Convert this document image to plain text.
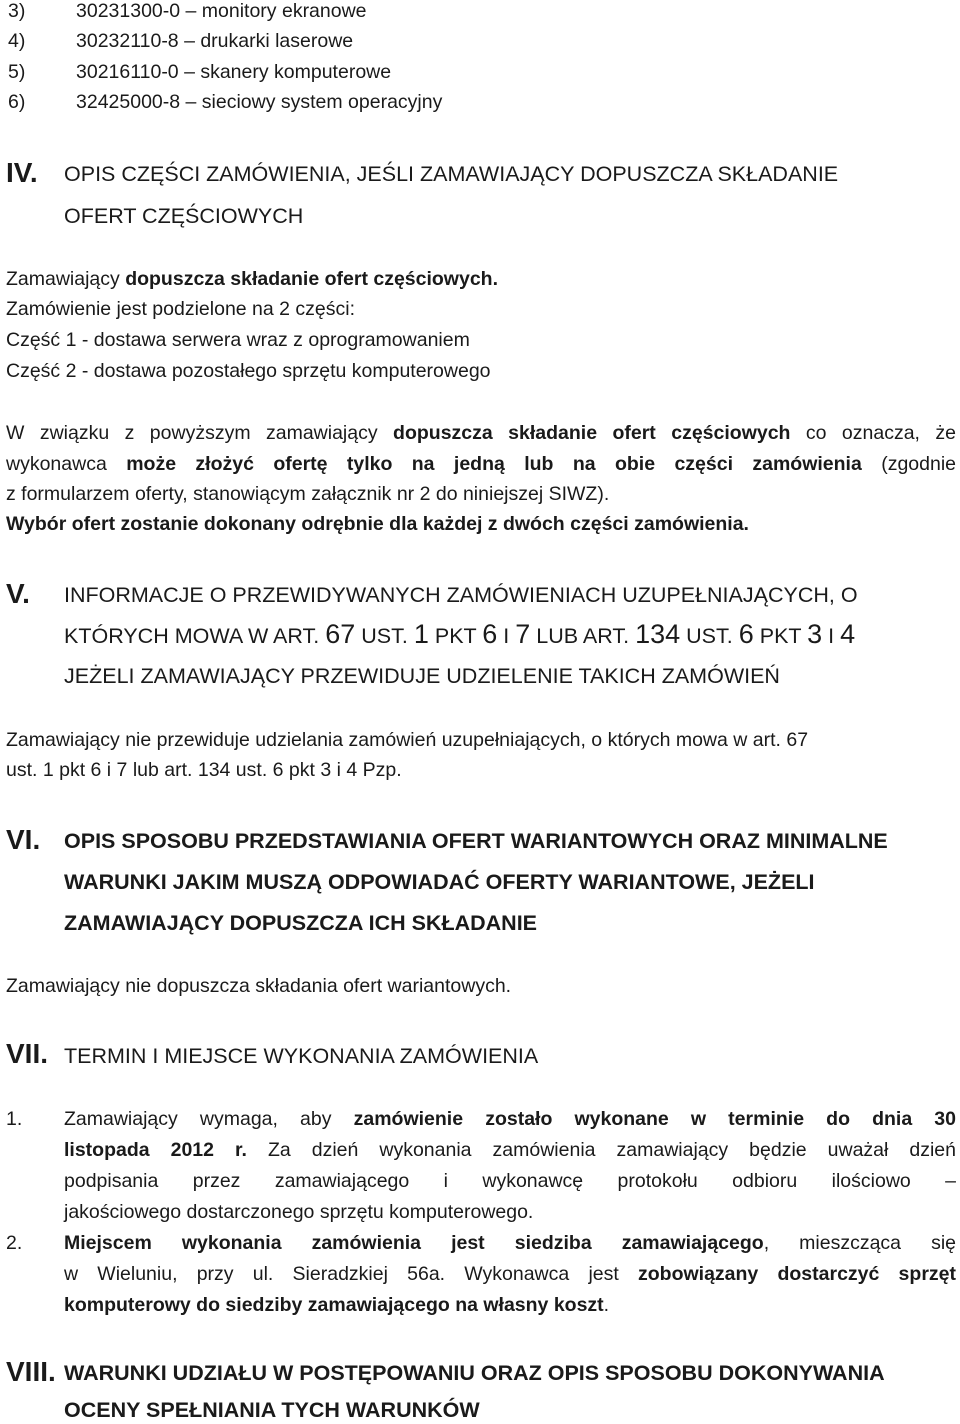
3)	30231300-0 – monitory ekranowe
4)	30232110-8 – drukarki laserowe
5)	30216110-0 – skanery komputerowe
6)	32425000-8 – sieciowy system operacyjny
IV. OPIS CZĘŚCI ZAMÓWIENIA, JEŚLI ZAMAWIAJĄCY DOPUSZCZA SKŁADANIE
OFERT CZĘŚCIOWYCH
Zamawiający dopuszcza składanie ofert częściowych.
Zamówienie jest podzielone na 2 części:
Część 1 - dostawa serwera wraz z oprogramowaniem
Część 2 - dostawa pozostałego sprzętu komputerowego
W związku z powyższym zamawiający dopuszcza składanie ofert częściowych co oznacza, że
wykonawca może złożyć ofertę tylko na jedną lub na obie części zamówienia (zgodnie
z formularzem oferty, stanowiącym załącznik nr 2 do niniejszej SIWZ).
Wybór ofert zostanie dokonany odrębnie dla każdej z dwóch części zamówienia.
V. INFORMACJE O PRZEWIDYWANYCH ZAMÓWIENIACH UZUPEŁNIAJĄCYCH, O
KTÓRYCH MOWA W ART. 67 UST. 1 PKT 6 I 7 LUB ART. 134 UST. 6 PKT 3 I 4
JEŻELI ZAMAWIAJĄCY PRZEWIDUJE UDZIELENIE TAKICH ZAMÓWIEŃ
Zamawiający nie przewiduje udzielania zamówień uzupełniających, o których mowa w art. 67
ust. 1 pkt 6 i 7 lub art. 134 ust. 6 pkt 3 i 4 Pzp.
VI. OPIS SPOSOBU PRZEDSTAWIANIA OFERT WARIANTOWYCH ORAZ MINIMALNE
WARUNKI JAKIM MUSZĄ ODPOWIADAĆ OFERTY WARIANTOWE, JEŻELI
ZAMAWIAJĄCY DOPUSZCZA ICH SKŁADANIE
Zamawiający nie dopuszcza składania ofert wariantowych.
VII. TERMIN I MIEJSCE WYKONANIA ZAMÓWIENIA
1. Zamawiający wymaga, aby zamówienie zostało wykonane w terminie do dnia 30
listopada 2012 r. Za dzień wykonania zamówienia zamawiający będzie uważał dzień
podpisania przez zamawiającego i wykonawcę protokołu odbioru ilościowo –
jakościowego dostarczonego sprzętu komputerowego.
2. Miejscem wykonania zamówienia jest siedziba zamawiającego, mieszcząca się
w Wieluniu, przy ul. Sieradzkiej 56a. Wykonawca jest zobowiązany dostarczyć sprzęt
komputerowy do siedziby zamawiającego na własny koszt.
VIII. WARUNKI UDZIAŁU W POSTĘPOWANIU ORAZ OPIS SPOSOBU DOKONYWANIA
OCENY SPEŁNIANIA TYCH WARUNKÓW
